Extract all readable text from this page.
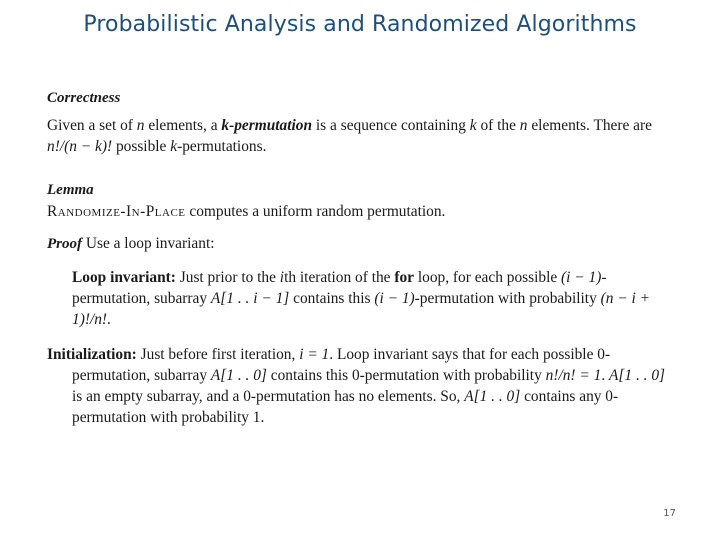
Probabilistic Analysis and Randomized Algorithms

Correctness

Given a set of n elements, a k-permutation is a sequence containing k of the n elements. There are n!/(n − k)! possible k-permutations.

Lemma

Randomize-In-Place computes a uniform random permutation.

Proof Use a loop invariant:

Loop invariant: Just prior to the ith iteration of the for loop, for each possible (i − 1)-permutation, subarray A[1 . . i − 1] contains this (i − 1)-permutation with probability (n − i + 1)!/n!.

Initialization: Just before first iteration, i = 1. Loop invariant says that for each possible 0-permutation, subarray A[1 . . 0] contains this 0-permutation with probability n!/n! = 1. A[1 . . 0] is an empty subarray, and a 0-permutation has no elements. So, A[1 . . 0] contains any 0-permutation with probability 1.

17
